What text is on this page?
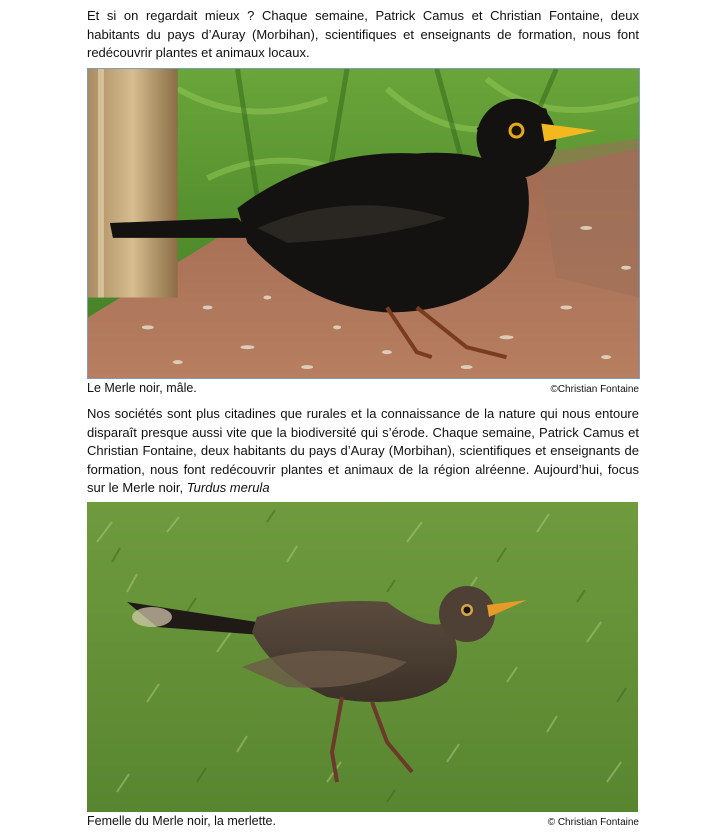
Et si on regardait mieux ? Chaque semaine, Patrick Camus et Christian Fontaine, deux habitants du pays d’Auray (Morbihan), scientifiques et enseignants de formation, nous font redécouvrir plantes et animaux locaux.

Le Merle noir, mâle.	©Christian Fontaine

Nos sociétés sont plus citadines que rurales et la connaissance de la nature qui nous entoure disparaît presque aussi vite que la biodiversité qui s’érode. Chaque semaine, Patrick Camus et Christian Fontaine, deux habitants du pays d’Auray (Morbihan), scientifiques et enseignants de formation, nous font redécouvrir plantes et animaux de la région alréenne. Aujourd’hui, focus sur le Merle noir, Turdus merula

Femelle du Merle noir, la merlette.	© Christian Fontaine
